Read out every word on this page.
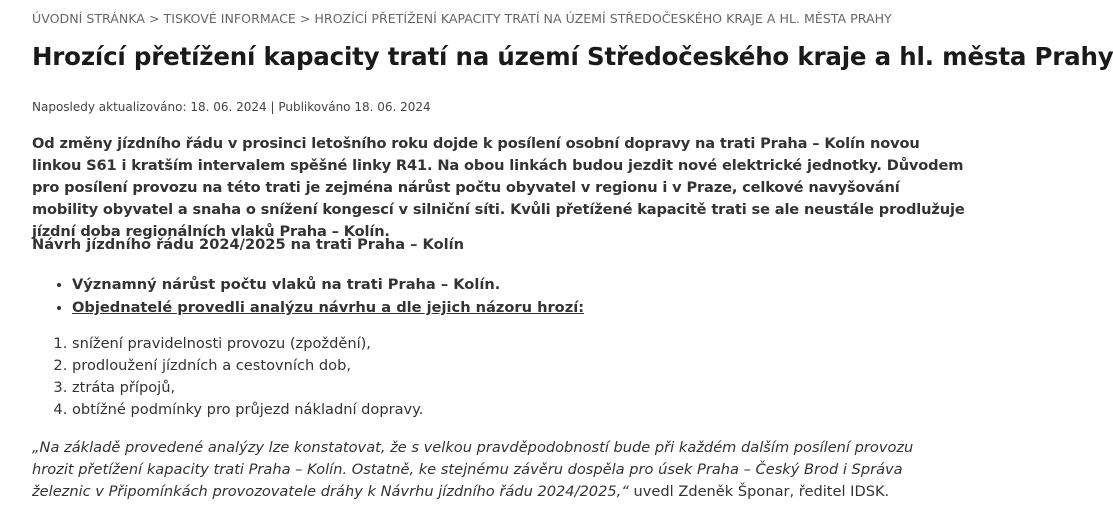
ÚVODNÍ STRÁNKA > TISKOVÉ INFORMACE > HROZÍCÍ PŘETÍŽENÍ KAPACITY TRATÍ NA ÚZEMÍ STŘEDOČESKÉHO KRAJE A HL. MĚSTA PRAHY
Hrozící přetížení kapacity tratí na území Středočeského kraje a hl. města Prahy
Naposledy aktualizováno: 18. 06. 2024 | Publikováno 18. 06. 2024

Od změny jízdního řádu v prosinci letošního roku dojde k posílení osobní dopravy na trati Praha – Kolín novou linkou S61 i kratším intervalem spěšné linky R41. Na obou linkách budou jezdit nové elektrické jednotky. Důvodem pro posílení provozu na této trati je zejména nárůst počtu obyvatel v regionu i v Praze, celkové navyšování mobility obyvatel a snaha o snížení kongescí v silniční síti. Kvůli přetížené kapacitě trati se ale neustále prodlužuje jízdní doba regionálních vlaků Praha – Kolín.

Návrh jízdního řádu 2024/2025 na trati Praha – Kolín

• Významný nárůst počtu vlaků na trati Praha – Kolín.
• Objednatelé provedli analýzu návrhu a dle jejich názoru hrozí:
1. snížení pravidelnosti provozu (zpoždění),
2. prodloužení jízdních a cestovních dob,
3. ztráta přípojů,
4. obtížné podmínky pro průjezd nákladní dopravy.

„Na základě provedené analýzy lze konstatovat, že s velkou pravděpodobností bude při každém dalším posílení provozu hrozit přetížení kapacity trati Praha – Kolín. Ostatně, ke stejnému závěru dospěla pro úsek Praha – Český Brod i Správa železnic v Připomínkách provozovatele dráhy k Návrhu jízdního řádu 2024/2025,“ uvedl Zdeněk Šponar, ředitel IDSK.
